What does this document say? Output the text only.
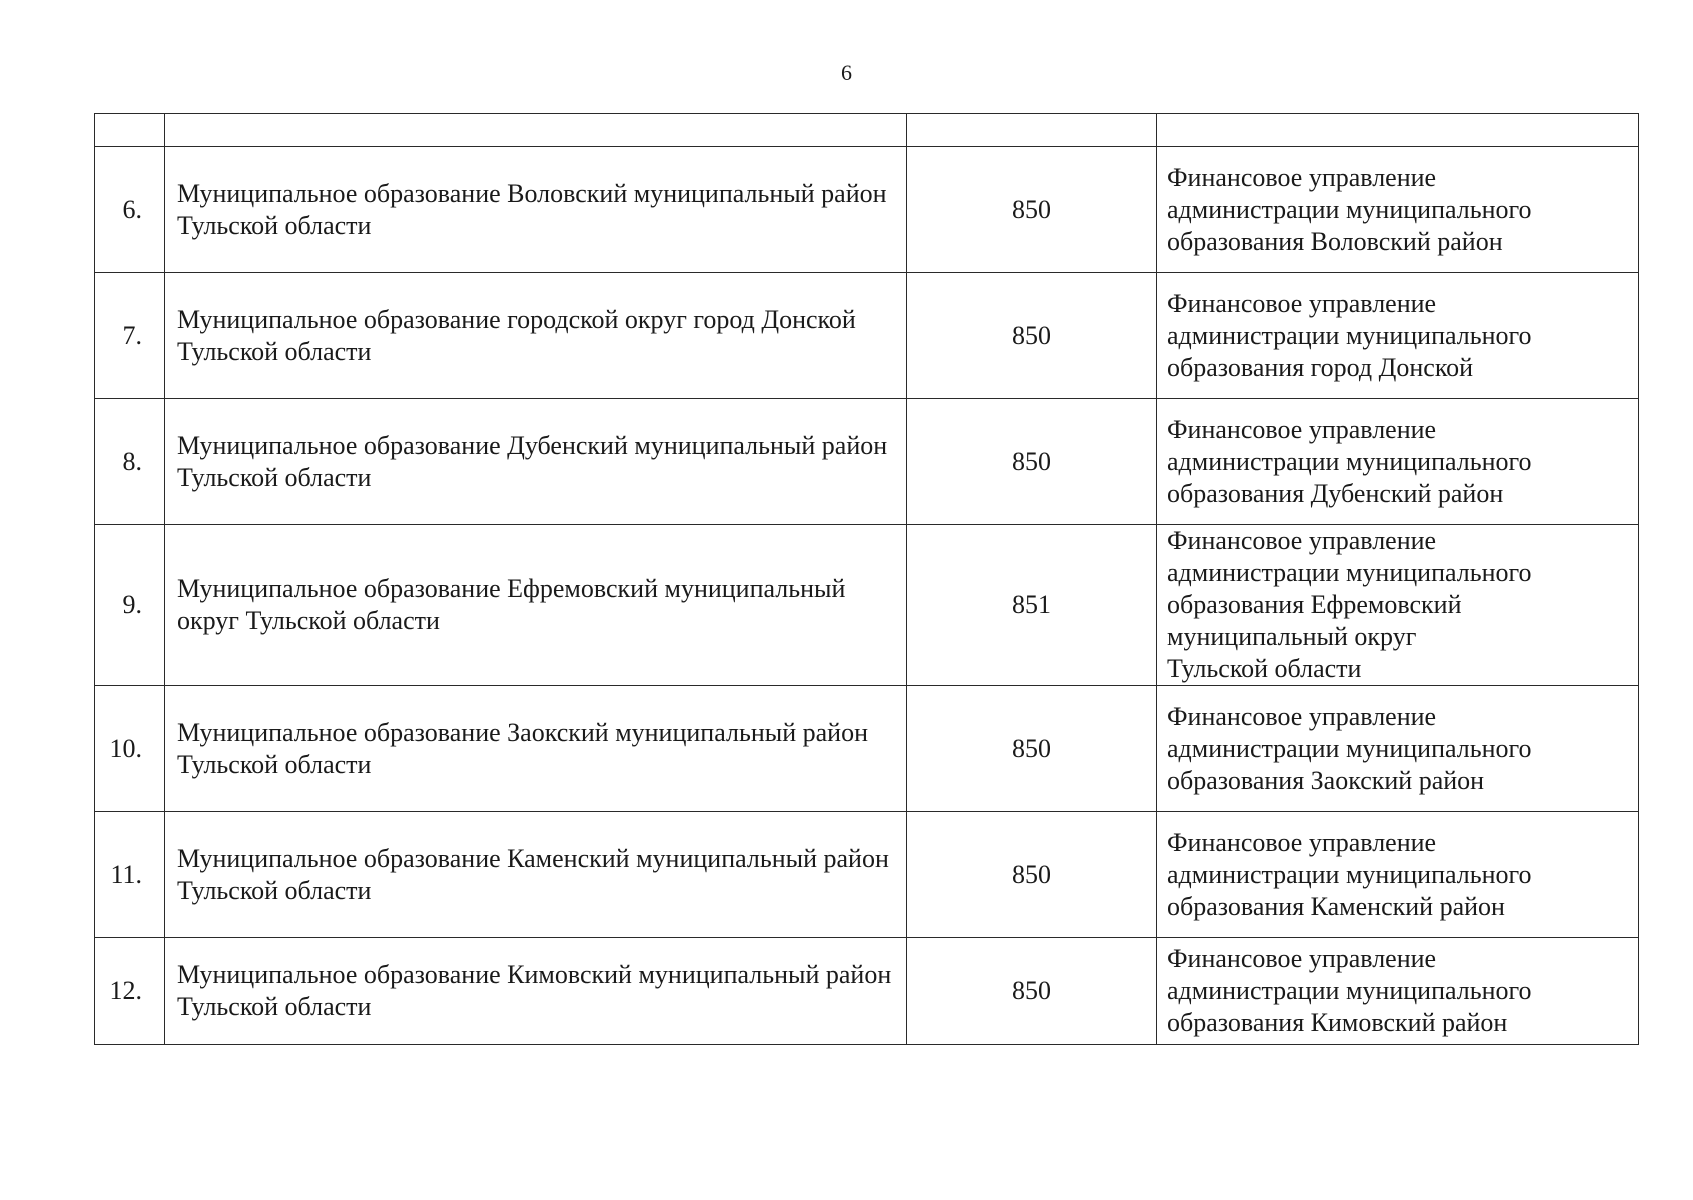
6

6.	Муниципальное образование Воловский муниципальный район Тульской области	850	Финансовое управление
администрации муниципального
образования Воловский район

7.	Муниципальное образование городской округ город Донской Тульской области	850	Финансовое управление
администрации муниципального
образования город Донской

8.	Муниципальное образование Дубенский муниципальный район Тульской области	850	Финансовое управление
администрации муниципального
образования Дубенский район

9.	Муниципальное образование Ефремовский муниципальный округ Тульской области	851	Финансовое управление
администрации муниципального
образования Ефремовский
муниципальный округ
Тульской области

10.	Муниципальное образование Заокский муниципальный район Тульской области	850	Финансовое управление
администрации муниципального
образования Заокский район

11.	Муниципальное образование Каменский муниципальный район Тульской области	850	Финансовое управление
администрации муниципального
образования Каменский район

12.	Муниципальное образование Кимовский муниципальный район Тульской области	850	Финансовое управление
администрации муниципального
образования Кимовский район
